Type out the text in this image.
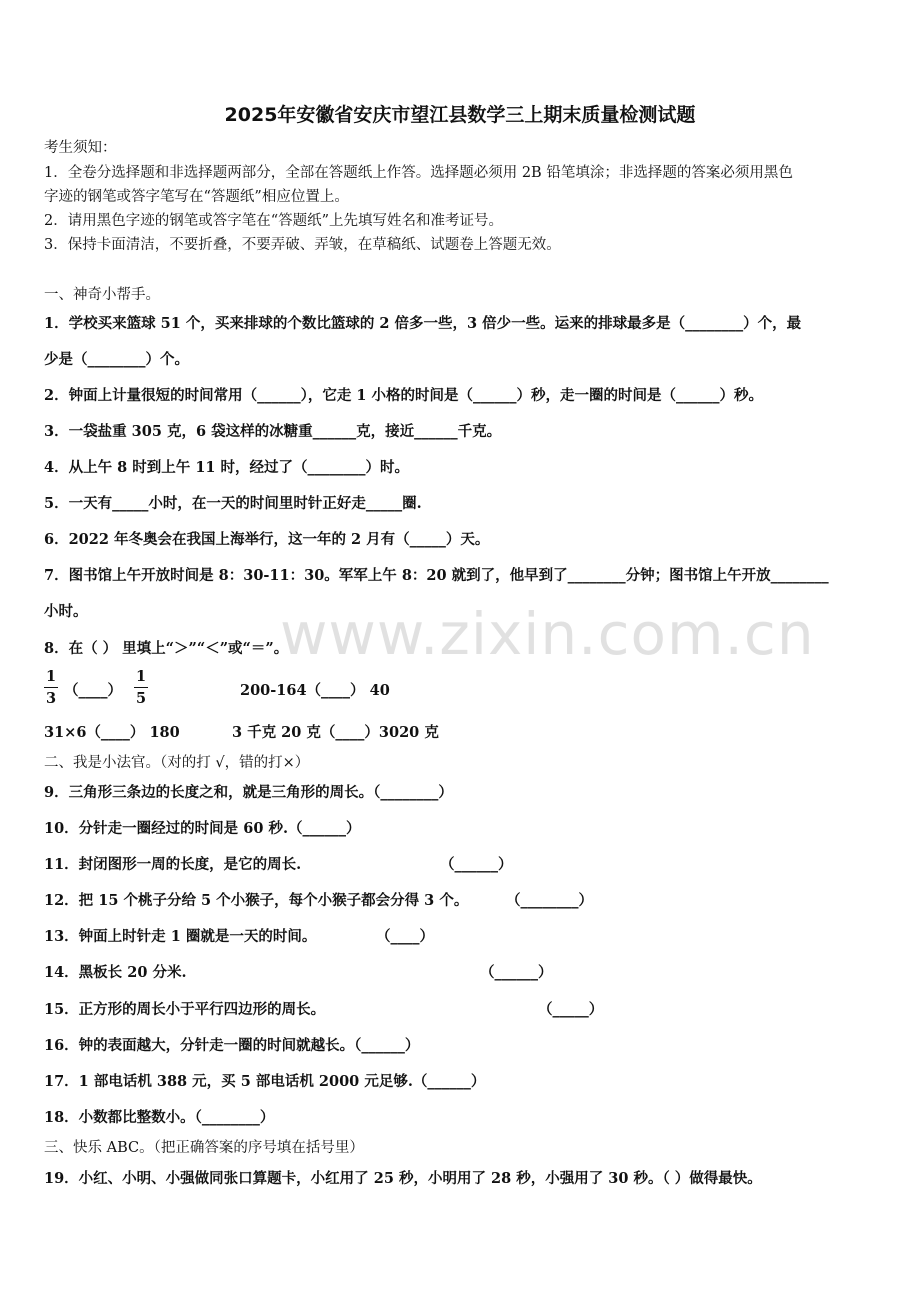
www.zixin.com.cn
2025年安徽省安庆市望江县数学三上期末质量检测试题
考生须知：
1．全卷分选择题和非选择题两部分，全部在答题纸上作答。选择题必须用 2B 铅笔填涂；非选择题的答案必须用黑色
字迹的钢笔或答字笔写在“答题纸”相应位置上。
2．请用黑色字迹的钢笔或答字笔在“答题纸”上先填写姓名和准考证号。
3．保持卡面清洁，不要折叠，不要弄破、弄皱，在草稿纸、试题卷上答题无效。
一、神奇小帮手。
1．学校买来篮球 51 个，买来排球的个数比篮球的 2 倍多一些，3 倍少一些。运来的排球最多是（________）个，最
少是（________）个。
2．钟面上计量很短的时间常用（______），它走 1 小格的时间是（______）秒，走一圈的时间是（______）秒。
3．一袋盐重 305 克，6 袋这样的冰糖重______克，接近______千克。
4．从上午 8 时到上午 11 时，经过了（________）时。
5．一天有_____小时，在一天的时间里时针正好走_____圈.
6．2022 年冬奥会在我国上海举行，这一年的 2 月有（_____）天。
7．图书馆上午开放时间是 8：30-11：30。军军上午 8：20 就到了，他早到了________分钟；图书馆上午开放________
小时。
8．在（ ） 里填上“＞”“＜”或“＝”。
1
3 （____）
1
5	200-164（____） 40
31×6（____） 180	3 千克 20 克（____）3020 克
二、我是小法官。（对的打 √，错的打×）
9．三角形三条边的长度之和，就是三角形的周长。（________）
10．分针走一圈经过的时间是 60 秒.（______）
11．封闭图形一周的长度，是它的周长.	（______）
12．把 15 个桃子分给 5 个小猴子，每个小猴子都会分得 3 个。	（________）
13．钟面上时针走 1 圈就是一天的时间。	（____）
14．黑板长 20 分米.	（______）
15．正方形的周长小于平行四边形的周长。	（_____）
16．钟的表面越大，分针走一圈的时间就越长。（______）
17．1 部电话机 388 元，买 5 部电话机 2000 元足够.（______）
18．小数都比整数小。（________）
三、快乐 ABC。（把正确答案的序号填在括号里）
19．小红、小明、小强做同张口算题卡，小红用了 25 秒，小明用了 28 秒，小强用了 30 秒。（ ）做得最快。
